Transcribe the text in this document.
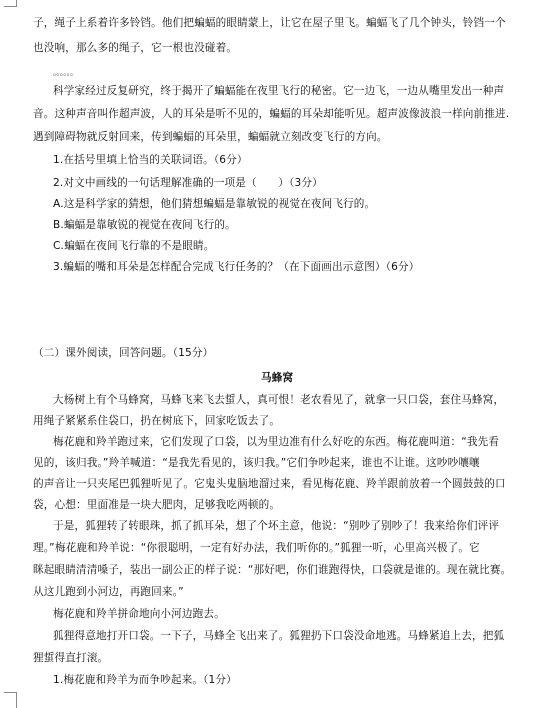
子，绳子上系着许多铃铛。他们把蝙蝠的眼睛蒙上，让它在屋子里飞。蝙蝠飞了几个钟头，铃铛一个
也没响，那么多的绳子，它一根也没碰着。
。。。。。。
科学家经过反复研究，终于揭开了蝙蝠能在夜里飞行的秘密。它一边飞，一边从嘴里发出一种声
音。这种声音叫作超声波，人的耳朵是听不见的，蝙蝠的耳朵却能听见。超声波像波浪一样向前推进.
遇到障碍物就反射回来，传到蝙蝠的耳朵里，蝙蝠就立刻改变飞行的方向。
1.在括号里填上恰当的关联词语。（6分）
2.对文中画线的一句话理解准确的一项是（　　）（3分）
A.这是科学家的猜想，他们猜想蝙蝠是靠敏锐的视觉在夜间飞行的。
B.蝙蝠是靠敏锐的视觉在夜间飞行的。
C.蝙蝠在夜间飞行靠的不是眼睛。
3.蝙蝠的嘴和耳朵是怎样配合完成飞行任务的？（在下面画出示意图）（6分）
（二）课外阅读，回答问题。（15分）
马蜂窝
大杨树上有个马蜂窝，马蜂飞来飞去蜇人，真可恨！老农看见了，就拿一只口袋，套住马蜂窝，
用绳子紧紧系住袋口，扔在树底下，回家吃饭去了。
梅花鹿和羚羊跑过来，它们发现了口袋，以为里边准有什么好吃的东西。梅花鹿叫道：“我先看
见的，该归我。”羚羊喊道：“是我先看见的，该归我。”它们争吵起来，谁也不让谁。这吵吵嚷嚷
的声音让一只夹尾巴狐狸听见了。它鬼头鬼脑地溜过来，看见梅花鹿、羚羊跟前放着一个圆鼓鼓的口
袋，心想：里面准是一块大肥肉，足够我吃两顿的。
于是，狐狸转了转眼珠，抓了抓耳朵，想了个坏主意，他说：“别吵了别吵了！我来给你们评评
理。”梅花鹿和羚羊说：“你很聪明，一定有好办法，我们听你的。”狐狸一听，心里高兴极了。它
眯起眼睛清清嗓子，装出一副公正的样子说：“那好吧，你们谁跑得快，口袋就是谁的。现在就比赛。
从这儿跑到小河边，再跑回来。”
梅花鹿和羚羊拼命地向小河边跑去。
狐狸得意地打开口袋。一下子，马蜂全飞出来了。狐狸扔下口袋没命地逃。马蜂紧追上去，把狐
狸蜇得直打滚。
1.梅花鹿和羚羊为而争吵起来。（1分）
